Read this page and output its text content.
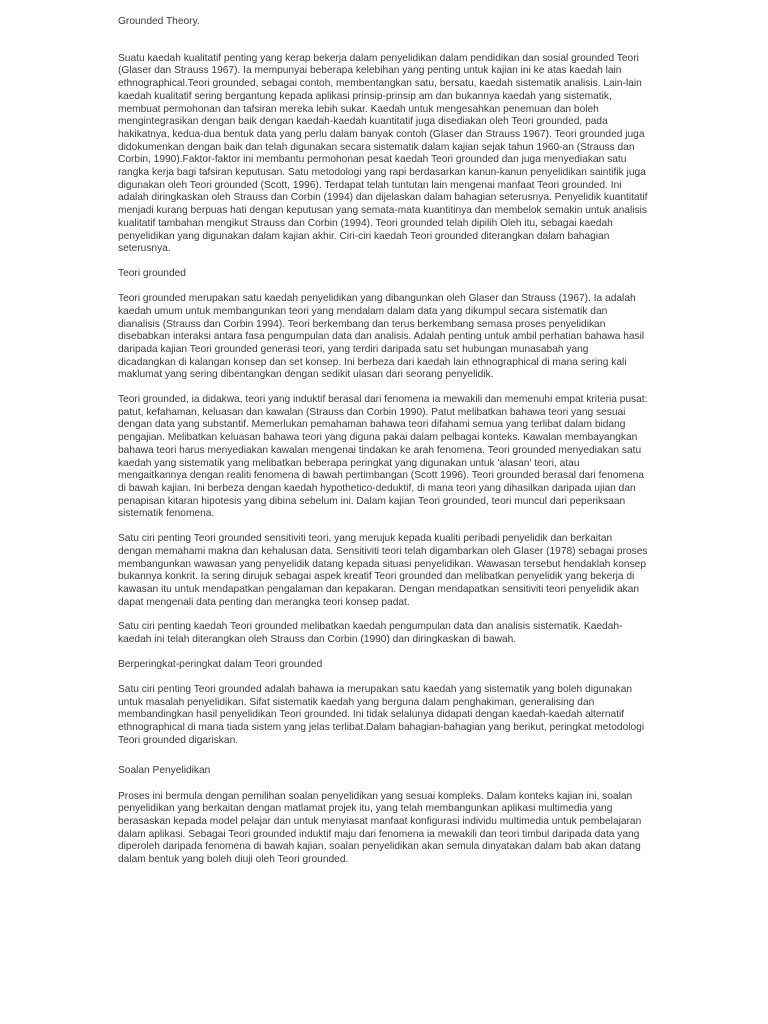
Grounded Theory.

Suatu kaedah kualitatif penting yang kerap bekerja dalam penyelidikan dalam pendidikan dan sosial grounded Teori (Glaser dan Strauss 1967). Ia mempunyai beberapa kelebihan yang penting untuk kajian ini ke atas kaedah lain ethnographical.Teori grounded, sebagai contoh, membentangkan satu, bersatu, kaedah sistematik analisis. Lain-lain kaedah kualitatif sering bergantung kepada aplikasi prinsip-prinsip am dan bukannya kaedah yang sistematik, membuat permohonan dan tafsiran mereka lebih sukar. Kaedah untuk mengesahkan penemuan dan boleh mengintegrasikan dengan baik dengan kaedah-kaedah kuantitatif juga disediakan oleh Teori grounded, pada hakikatnya, kedua-dua bentuk data yang perlu dalam banyak contoh (Glaser dan Strauss 1967). Teori grounded juga didokumenkan dengan baik dan telah digunakan secara sistematik dalam kajian sejak tahun 1960-an (Strauss dan Corbin, 1990).Faktor-faktor ini membantu permohonan pesat kaedah Teori grounded dan juga menyediakan satu rangka kerja bagi tafsiran keputusan. Satu metodologi yang rapi berdasarkan kanun-kanun penyelidikan saintifik juga digunakan oleh Teori grounded (Scott, 1996). Terdapat telah tuntutan lain mengenai manfaat Teori grounded. Ini adalah diringkaskan oleh Strauss dan Corbin (1994) dan dijelaskan dalam bahagian seterusnya. Penyelidik kuantitatif menjadi kurang berpuas hati dengan keputusan yang semata-mata kuantitinya dan membelok semakin untuk analisis kualitatif tambahan mengikut Strauss dan Corbin (1994). Teori grounded telah dipilih Oleh itu, sebagai kaedah penyelidikan yang digunakan dalam kajian akhir. Ciri-ciri kaedah Teori grounded diterangkan dalam bahagian seterusnya.

Teori grounded

Teori grounded merupakan satu kaedah penyelidikan yang dibangunkan oleh Glaser dan Strauss (1967). Ia adalah kaedah umum untuk membangunkan teori yang mendalam dalam data yang dikumpul secara sistematik dan dianalisis (Strauss dan Corbin 1994). Teori berkembang dan terus berkembang semasa proses penyelidikan disebabkan interaksi antara fasa pengumpulan data dan analisis. Adalah penting untuk ambil perhatian bahawa hasil daripada kajian Teori grounded generasi teori, yang terdiri daripada satu set hubungan munasabah yang dicadangkan di kalangan konsep dan set konsep. Ini berbeza dari kaedah lain ethnographical di mana sering kali maklumat yang sering dibentangkan dengan sedikit ulasan dari seorang penyelidik.

Teori grounded, ia didakwa, teori yang induktif berasal dari fenomena ia mewakili dan memenuhi empat kriteria pusat: patut, kefahaman, keluasan dan kawalan (Strauss dan Corbin 1990). Patut melibatkan bahawa teori yang sesuai dengan data yang substantif. Memerlukan pemahaman bahawa teori difahami semua yang terlibat dalam bidang pengajian. Melibatkan keluasan bahawa teori yang diguna pakai dalam pelbagai konteks. Kawalan membayangkan bahawa teori harus menyediakan kawalan mengenai tindakan ke arah fenomena. Teori grounded menyediakan satu kaedah yang sistematik yang melibatkan beberapa peringkat yang digunakan untuk 'alasan' teori, atau mengaitkannya dengan realiti fenomena di bawah pertimbangan (Scott 1996). Teori grounded berasal dari fenomena di bawah kajian. Ini berbeza dengan kaedah hypothetico-deduktif, di mana teori yang dihasilkan daripada ujian dan penapisan kitaran hipotesis yang dibina sebelum ini. Dalam kajian Teori grounded, teori muncul dari peperiksaan sistematik fenomena.

Satu ciri penting Teori grounded sensitiviti teori, yang merujuk kepada kualiti peribadi penyelidik dan berkaitan dengan memahami makna dan kehalusan data. Sensitiviti teori telah digambarkan oleh Glaser (1978) sebagai proses membangunkan wawasan yang penyelidik datang kepada situasi penyelidikan. Wawasan tersebut hendaklah konsep bukannya konkrit. Ia sering dirujuk sebagai aspek kreatif Teori grounded dan melibatkan penyelidik yang bekerja di kawasan itu untuk mendapatkan pengalaman dan kepakaran. Dengan mendapatkan sensitiviti teori penyelidik akan dapat mengenali data penting dan merangka teori konsep padat.

Satu ciri penting kaedah Teori grounded melibatkan kaedah pengumpulan data dan analisis sistematik. Kaedah-kaedah ini telah diterangkan oleh Strauss dan Corbin (1990) dan diringkaskan di bawah.

Berperingkat-peringkat dalam Teori grounded

Satu ciri penting Teori grounded adalah bahawa ia merupakan satu kaedah yang sistematik yang boleh digunakan untuk masalah penyelidikan. Sifat sistematik kaedah yang berguna dalam penghakiman, generalising dan membandingkan hasil penyelidikan Teori grounded. Ini tidak selalunya didapati dengan kaedah-kaedah alternatif ethnographical di mana tiada sistem yang jelas terlibat.Dalam bahagian-bahagian yang berikut, peringkat metodologi Teori grounded digariskan.

Soalan Penyelidikan

Proses ini bermula dengan pemilihan soalan penyelidikan yang sesuai kompleks. Dalam konteks kajian ini, soalan penyelidikan yang berkaitan dengan matlamat projek itu, yang telah membangunkan aplikasi multimedia yang berasaskan kepada model pelajar dan untuk menyiasat manfaat konfigurasi individu multimedia untuk pembelajaran dalam aplikasi. Sebagai Teori grounded induktif maju dari fenomena ia mewakili dan teori timbul daripada data yang diperoleh daripada fenomena di bawah kajian, soalan penyelidikan akan semula dinyatakan dalam bab akan datang dalam bentuk yang boleh diuji oleh Teori grounded.
